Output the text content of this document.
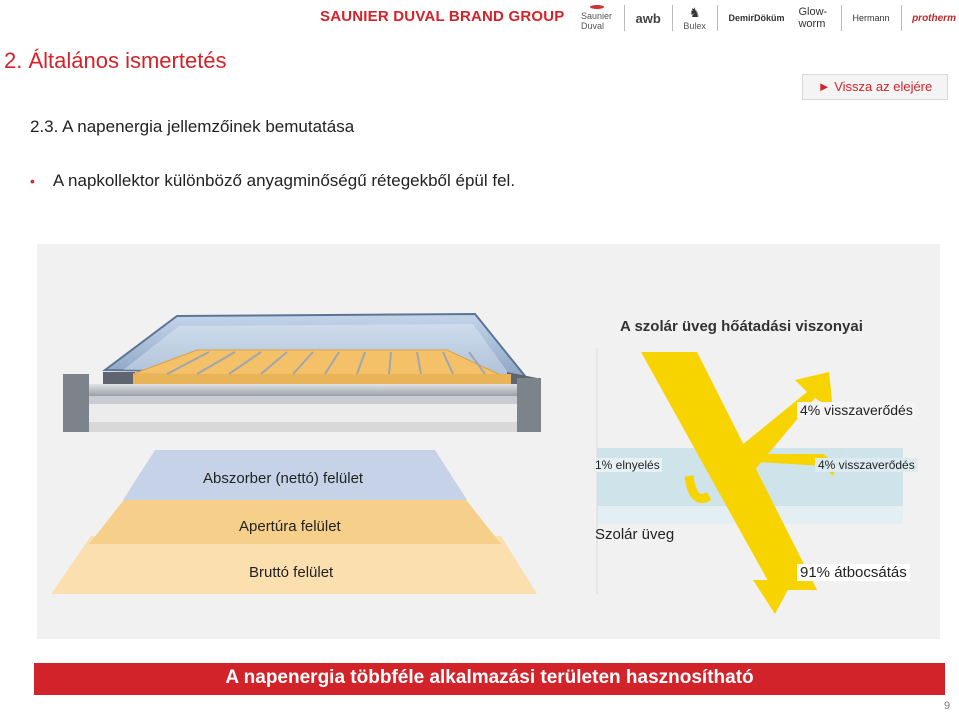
SAUNIER DUVAL BRAND GROUP Saunier Duval
awb ♞
Bulex
DemirDöküm Glow-worm	Hermann	protherm
2. Általános ismertetés
► Vissza az elejére
2.3. A napenergia jellemzőinek bemutatása
• A napkollektor különböző anyagminőségű rétegekből épül fel.
A szolár üveg hőátadási viszonyai
4% visszaverődés
1% elnyelés	4% visszaverődés
Szolár üveg
91% átbocsátás
Abszorber (nettó) felület
Apertúra felület
Bruttó felület
A napenergia többféle alkalmazási területen hasznosítható
9
